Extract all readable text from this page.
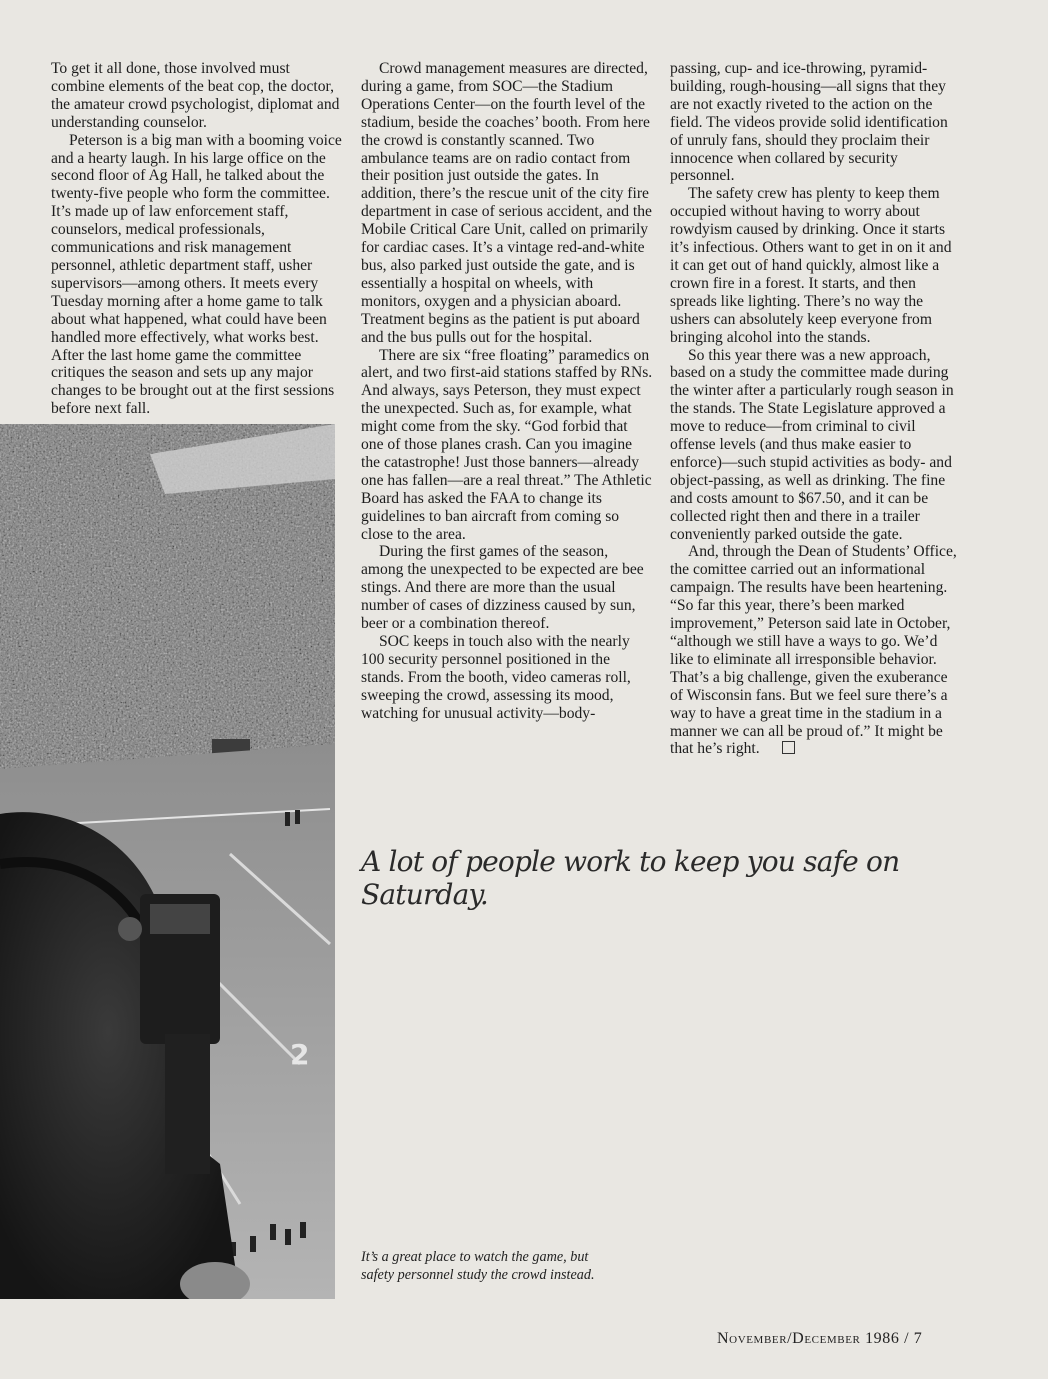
To get it all done, those involved must combine elements of the beat cop, the doctor, the amateur crowd psychologist, diplomat and understanding counselor.

Peterson is a big man with a booming voice and a hearty laugh. In his large office on the second floor of Ag Hall, he talked about the twenty-five people who form the committee. It’s made up of law enforcement staff, counselors, medical professionals, communications and risk management personnel, athletic department staff, usher supervisors—among others. It meets every Tuesday morning after a home game to talk about what happened, what could have been handled more effectively, what works best. After the last home game the committee critiques the season and sets up any major changes to be brought out at the first sessions before next fall.

Crowd management measures are directed, during a game, from SOC—the Stadium Operations Center—on the fourth level of the stadium, beside the coaches’ booth. From here the crowd is constantly scanned. Two ambulance teams are on radio contact from their position just outside the gates. In addition, there’s the rescue unit of the city fire department in case of serious accident, and the Mobile Critical Care Unit, called on primarily for cardiac cases. It’s a vintage red-and-white bus, also parked just outside the gate, and is essentially a hospital on wheels, with monitors, oxygen and a physician aboard. Treatment begins as the patient is put aboard and the bus pulls out for the hospital.

There are six “free floating” paramedics on alert, and two first-aid stations staffed by RNs. And always, says Peterson, they must expect the unexpected. Such as, for example, what might come from the sky. “God forbid that one of those planes crash. Can you imagine the catastrophe! Just those banners—already one has fallen—are a real threat.” The Athletic Board has asked the FAA to change its guidelines to ban aircraft from coming so close to the area.

During the first games of the season, among the unexpected to be expected are bee stings. And there are more than the usual number of cases of dizziness caused by sun, beer or a combination thereof.

SOC keeps in touch also with the nearly 100 security personnel positioned in the stands. From the booth, video cameras roll, sweeping the crowd, assessing its mood, watching for unusual activity—body-

passing, cup- and ice-throwing, pyramid-building, rough-housing—all signs that they are not exactly riveted to the action on the field. The videos provide solid identification of unruly fans, should they proclaim their innocence when collared by security personnel.

The safety crew has plenty to keep them occupied without having to worry about rowdyism caused by drinking. Once it starts it’s infectious. Others want to get in on it and it can get out of hand quickly, almost like a crown fire in a forest. It starts, and then spreads like lighting. There’s no way the ushers can absolutely keep everyone from bringing alcohol into the stands.

So this year there was a new approach, based on a study the committee made during the winter after a particularly rough season in the stands. The State Legislature approved a move to reduce—from criminal to civil offense levels (and thus make easier to enforce)—such stupid activities as body- and object-passing, as well as drinking. The fine and costs amount to $67.50, and it can be collected right then and there in a trailer conveniently parked outside the gate.

And, through the Dean of Students’ Office, the comittee carried out an informational campaign. The results have been heartening. “So far this year, there’s been marked improvement,” Peterson said late in October, “although we still have a ways to go. We’d like to eliminate all irresponsible behavior. That’s a big challenge, given the exuberance of Wisconsin fans. But we feel sure there’s a way to have a great time in the stadium in a manner we can all be proud of.” It might be that he’s right.

2
A lot of people work to keep you safe on Saturday.
It’s a great place to watch the game, but safety personnel study the crowd instead.
November/December 1986 / 7
